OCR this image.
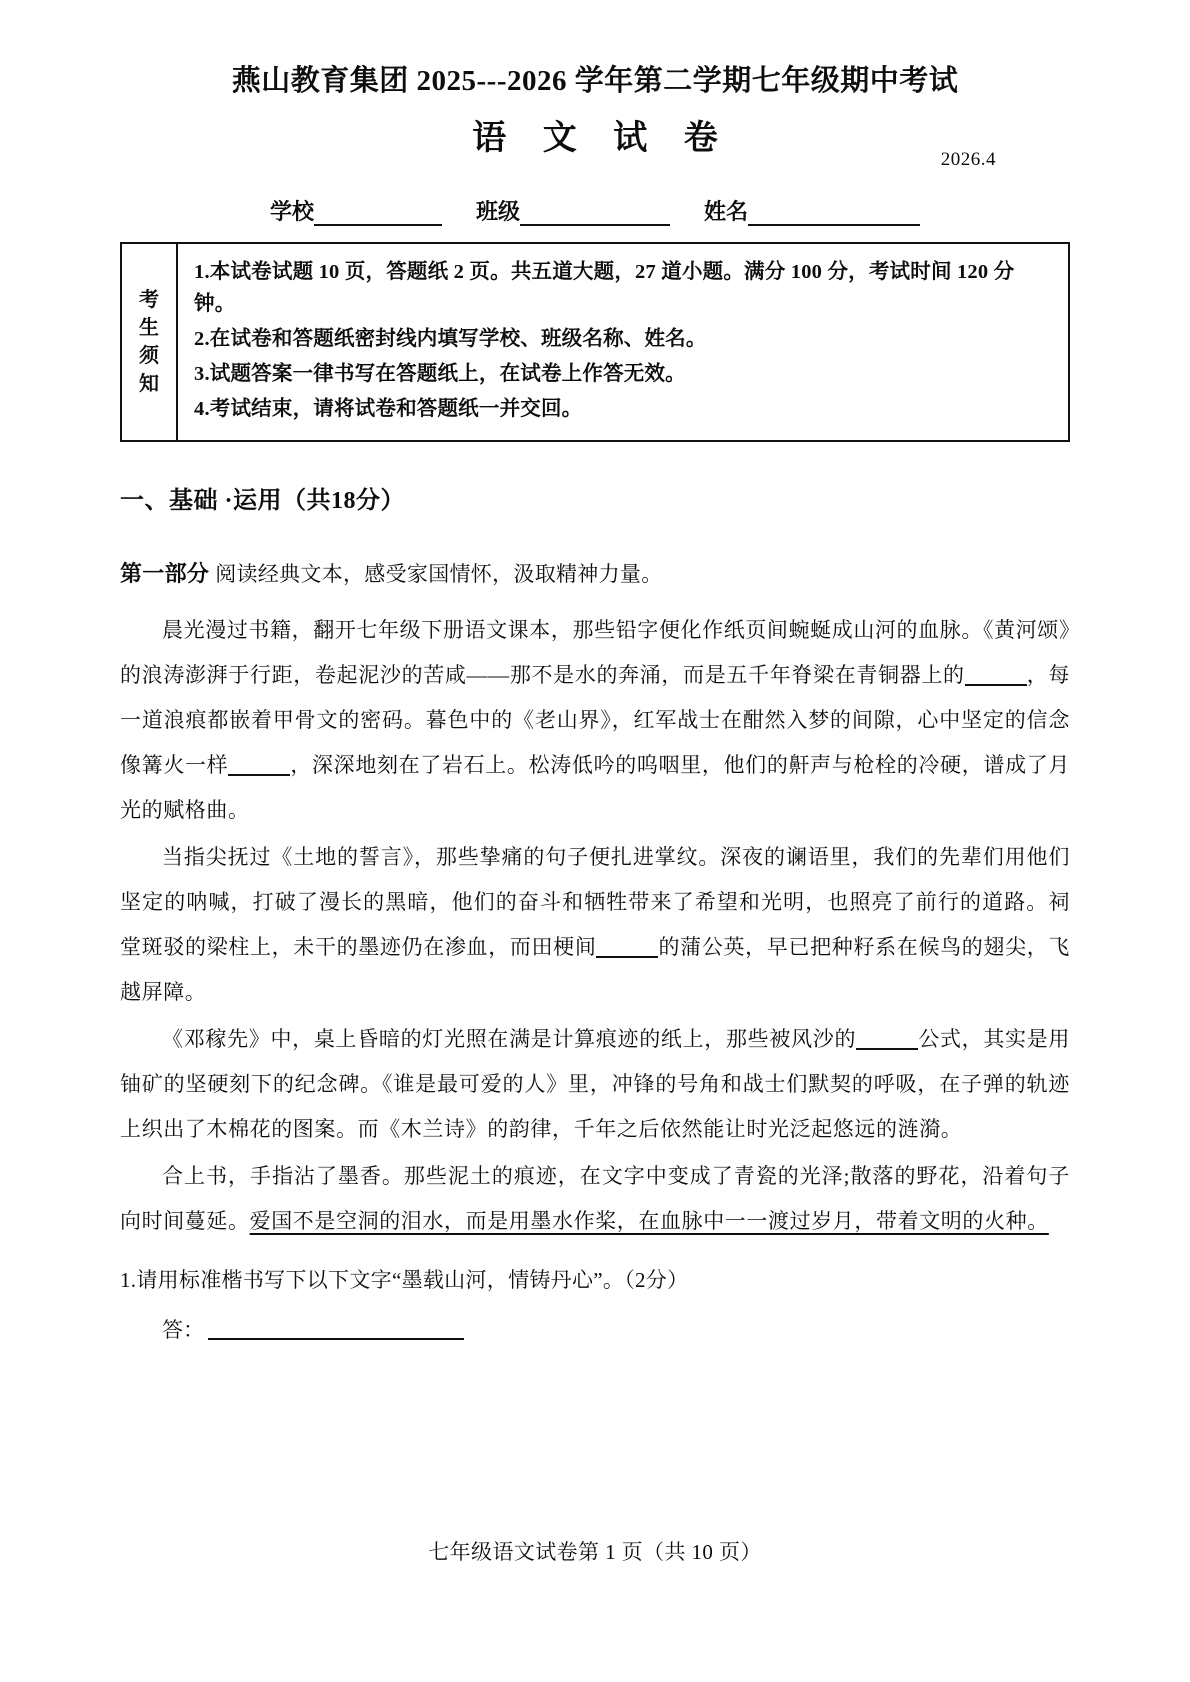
燕山教育集团 2025---2026 学年第二学期七年级期中考试
语 文 试 卷
2026.4
学校	班级	姓名
考
生
须
知
1.本试卷试题 10 页，答题纸 2 页。共五道大题，27 道小题。满分 100 分，考试时间 120 分钟。
2.在试卷和答题纸密封线内填写学校、班级名称、姓名。
3.试题答案一律书写在答题纸上，在试卷上作答无效。
4.考试结束，请将试卷和答题纸一并交回。
一、基础 ·运用（共18分）
第一部分 阅读经典文本，感受家国情怀，汲取精神力量。

晨光漫过书籍，翻开七年级下册语文课本，那些铅字便化作纸页间蜿蜒成山河的血脉。《黄河颂》的浪涛澎湃于行距，卷起泥沙的苦咸——那不是水的奔涌，而是五千年脊梁在青铜器上的	，每一道浪痕都嵌着甲骨文的密码。暮色中的《老山界》，红军战士在酣然入梦的间隙，心中坚定的信念像篝火一样	，深深地刻在了岩石上。松涛低吟的呜咽里，他们的鼾声与枪栓的冷硬，谱成了月光的赋格曲。

当指尖抚过《土地的誓言》，那些挚痛的句子便扎进掌纹。深夜的谰语里，我们的先辈们用他们坚定的呐喊，打破了漫长的黑暗，他们的奋斗和牺牲带来了希望和光明，也照亮了前行的道路。祠堂斑驳的梁柱上，未干的墨迹仍在渗血，而田梗间	的蒲公英，早已把种籽系在候鸟的翅尖，飞越屏障。

《邓稼先》中，桌上昏暗的灯光照在满是计算痕迹的纸上，那些被风沙的	公式，其实是用铀矿的坚硬刻下的纪念碑。《谁是最可爱的人》里，冲锋的号角和战士们默契的呼吸，在子弹的轨迹上织出了木棉花的图案。而《木兰诗》的韵律，千年之后依然能让时光泛起悠远的涟漪。

合上书，手指沾了墨香。那些泥土的痕迹，在文字中变成了青瓷的光泽;散落的野花，沿着句子向时间蔓延。爱国不是空洞的泪水，而是用墨水作桨，在血脉中一一渡过岁月，带着文明的火种。

1.请用标准楷书写下以下文字“墨载山河，情铸丹心”。（2分）
答：
七年级语文试卷第 1 页（共 10 页）
